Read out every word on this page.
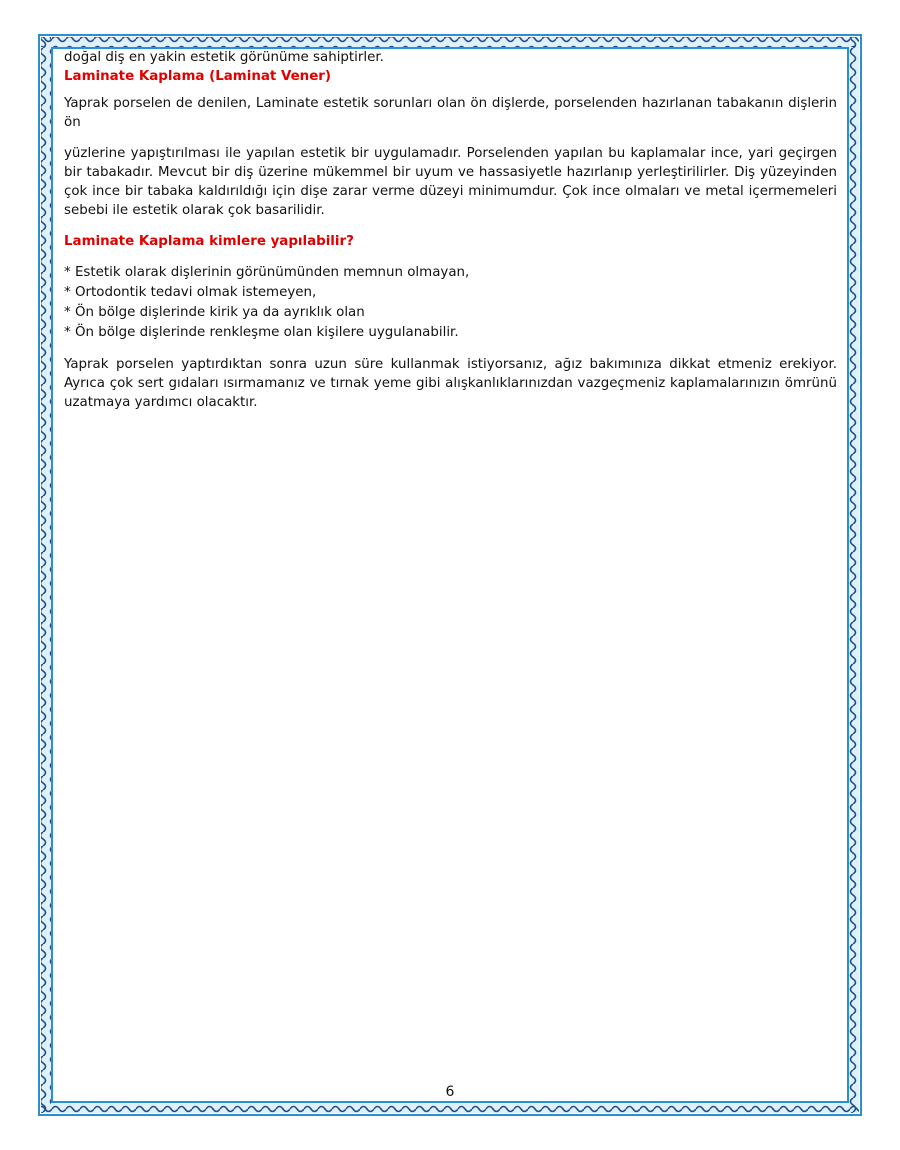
doğal diş en yakin estetik görünüme sahiptirler.

Laminate Kaplama (Laminat Vener)

Yaprak porselen de denilen, Laminate estetik sorunları olan ön dişlerde, porselenden hazırlanan tabakanın dişlerin ön

yüzlerine yapıştırılması ile yapılan estetik bir uygulamadır. Porselenden yapılan bu kaplamalar ince, yari geçirgen bir tabakadır. Mevcut bir diş üzerine mükemmel bir uyum ve hassasiyetle hazırlanıp yerleştirilirler. Diş yüzeyinden çok ince bir tabaka kaldırıldığı için dişe zarar verme düzeyi minimumdur. Çok ince olmaları ve metal içermemeleri sebebi ile estetik olarak çok basarilidir.

Laminate Kaplama kimlere yapılabilir?

* Estetik olarak dişlerinin görünümünden memnun olmayan,
* Ortodontik tedavi olmak istemeyen,
* Ön bölge dişlerinde kirik ya da ayrıklık olan
* Ön bölge dişlerinde renkleşme olan kişilere uygulanabilir.

Yaprak porselen yaptırdıktan sonra uzun süre kullanmak istiyorsanız, ağız bakımınıza dikkat etmeniz erekiyor. Ayrıca çok sert gıdaları ısırmamanız ve tırnak yeme gibi alışkanlıklarınızdan vazgeçmeniz kaplamalarınızın ömrünü uzatmaya yardımcı olacaktır.

6
